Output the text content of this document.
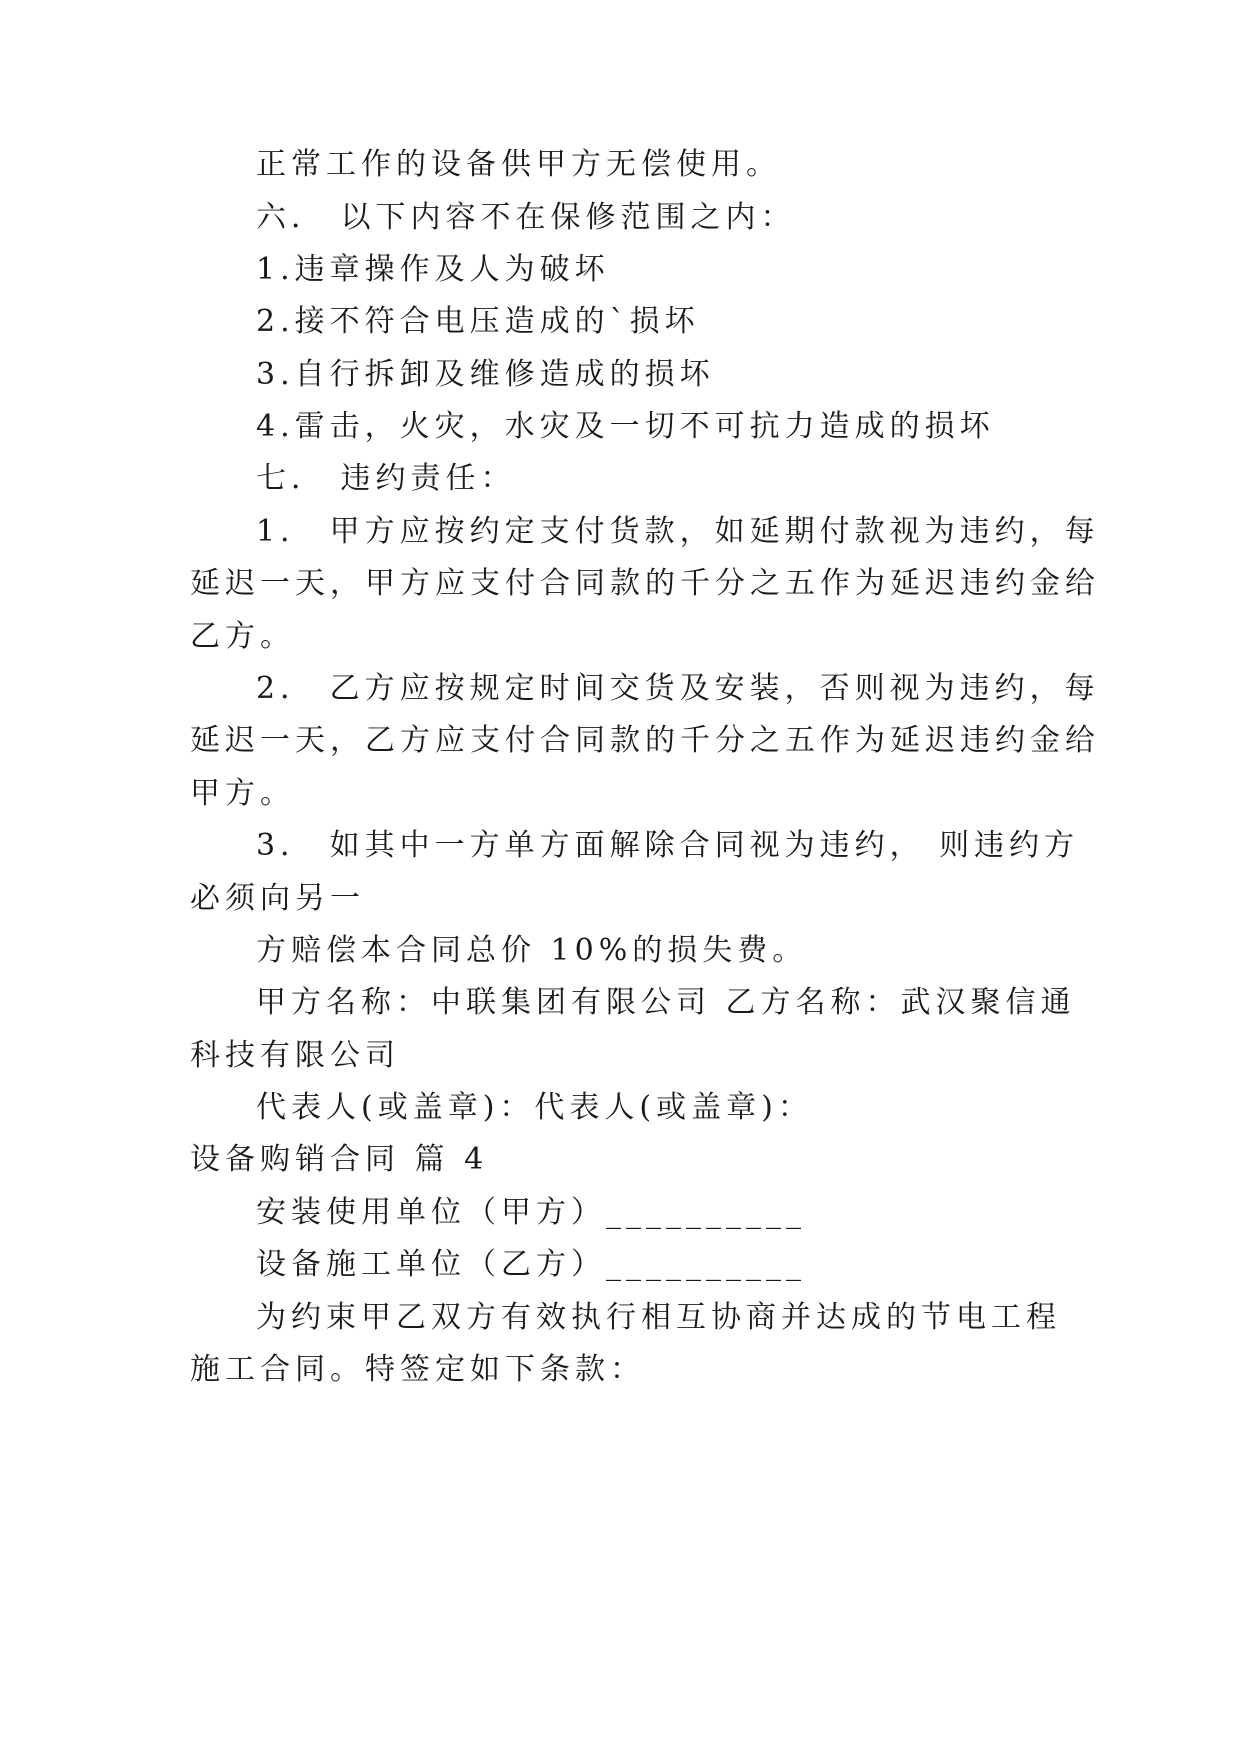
正常工作的设备供甲方无偿使用。

六． 以下内容不在保修范围之内：

1.违章操作及人为破坏

2.接不符合电压造成的`损坏

3.自行拆卸及维修造成的损坏

4.雷击，火灾，水灾及一切不可抗力造成的损坏

七． 违约责任：

1． 甲方应按约定支付货款，如延期付款视为违约，每

延迟一天，甲方应支付合同款的千分之五作为延迟违约金给

乙方。

2． 乙方应按规定时间交货及安装，否则视为违约，每

延迟一天，乙方应支付合同款的千分之五作为延迟违约金给

甲方。

3． 如其中一方单方面解除合同视为违约， 则违约方

必须向另一

方赔偿本合同总价 10%的损失费。

甲方名称：中联集团有限公司 乙方名称：武汉聚信通

科技有限公司

代表人(或盖章)：代表人(或盖章)：

设备购销合同 篇 4

安装使用单位（甲方）__________

设备施工单位（乙方）__________

为约束甲乙双方有效执行相互协商并达成的节电工程

施工合同。特签定如下条款：
